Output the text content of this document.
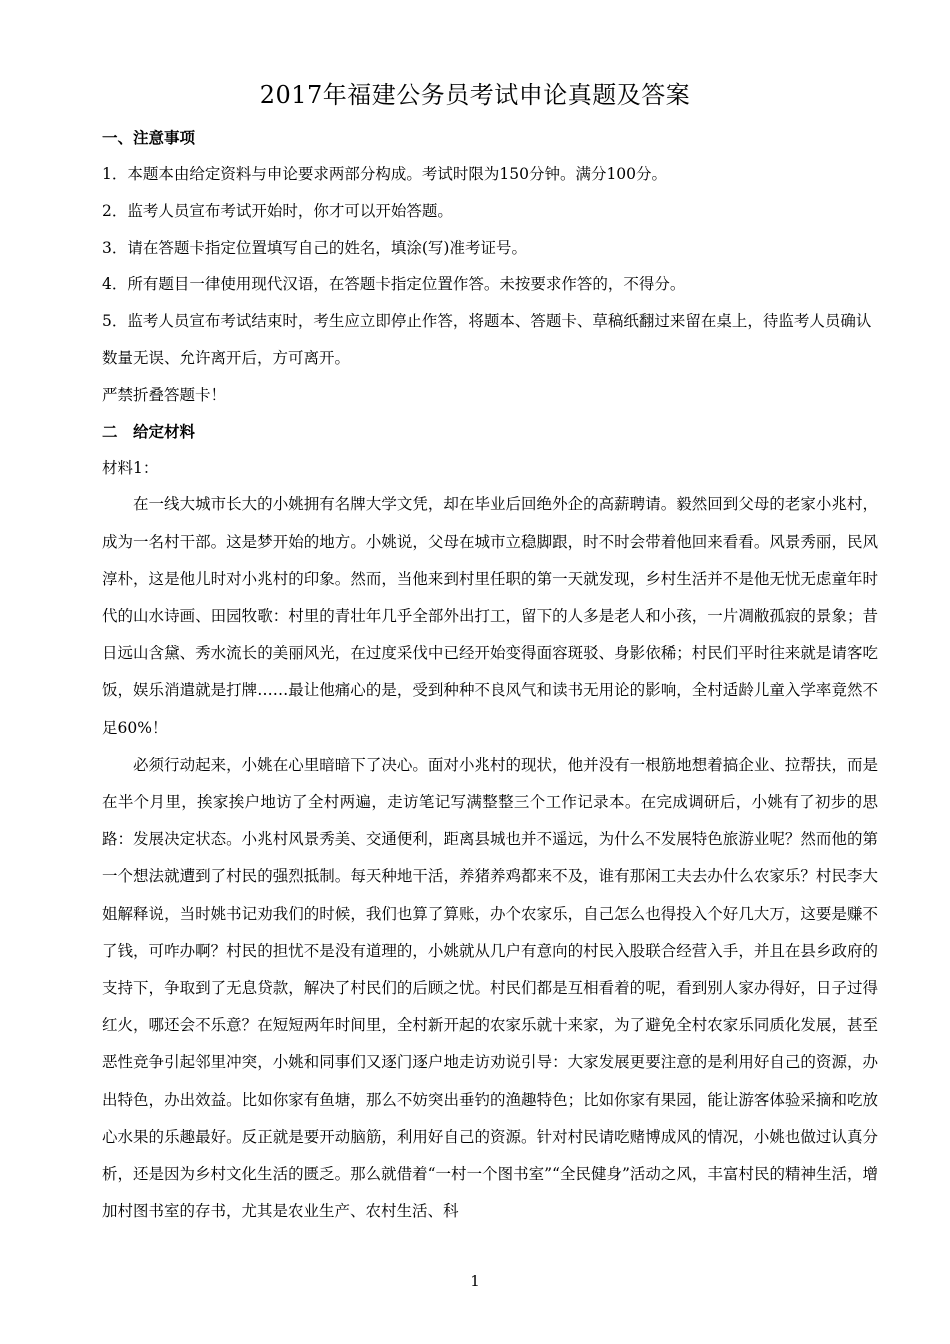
2017年福建公务员考试申论真题及答案

一、注意事项

1．本题本由给定资料与申论要求两部分构成。考试时限为150分钟。满分100分。

2．监考人员宣布考试开始时，你才可以开始答题。

3．请在答题卡指定位置填写自己的姓名，填涂(写)准考证号。

4．所有题目一律使用现代汉语，在答题卡指定位置作答。未按要求作答的，不得分。

5．监考人员宣布考试结束时，考生应立即停止作答，将题本、答题卡、草稿纸翻过来留在桌上，待监考人员确认数量无误、允许离开后，方可离开。

严禁折叠答题卡！

二　给定材料

材料1：

在一线大城市长大的小姚拥有名牌大学文凭，却在毕业后回绝外企的高薪聘请。毅然回到父母的老家小兆村，成为一名村干部。这是梦开始的地方。小姚说，父母在城市立稳脚跟，时不时会带着他回来看看。风景秀丽，民风淳朴，这是他儿时对小兆村的印象。然而，当他来到村里任职的第一天就发现，乡村生活并不是他无忧无虑童年时代的山水诗画、田园牧歌：村里的青壮年几乎全部外出打工，留下的人多是老人和小孩，一片凋敝孤寂的景象；昔日远山含黛、秀水流长的美丽风光，在过度采伐中已经开始变得面容斑驳、身影依稀；村民们平时往来就是请客吃饭，娱乐消遣就是打牌……最让他痛心的是，受到种种不良风气和读书无用论的影响，全村适龄儿童入学率竟然不足60%！

必须行动起来，小姚在心里暗暗下了决心。面对小兆村的现状，他并没有一根筋地想着搞企业、拉帮扶，而是在半个月里，挨家挨户地访了全村两遍，走访笔记写满整整三个工作记录本。在完成调研后，小姚有了初步的思路：发展决定状态。小兆村风景秀美、交通便利，距离县城也并不遥远，为什么不发展特色旅游业呢？然而他的第一个想法就遭到了村民的强烈抵制。每天种地干活，养猪养鸡都来不及，谁有那闲工夫去办什么农家乐？村民李大姐解释说，当时姚书记劝我们的时候，我们也算了算账，办个农家乐，自己怎么也得投入个好几大万，这要是赚不了钱，可咋办啊？村民的担忧不是没有道理的，小姚就从几户有意向的村民入股联合经营入手，并且在县乡政府的支持下，争取到了无息贷款，解决了村民们的后顾之忧。村民们都是互相看着的呢，看到别人家办得好，日子过得红火，哪还会不乐意？在短短两年时间里，全村新开起的农家乐就十来家，为了避免全村农家乐同质化发展，甚至恶性竞争引起邻里冲突，小姚和同事们又逐门逐户地走访劝说引导：大家发展更要注意的是利用好自己的资源，办出特色，办出效益。比如你家有鱼塘，那么不妨突出垂钓的渔趣特色；比如你家有果园，能让游客体验采摘和吃放心水果的乐趣最好。反正就是要开动脑筋，利用好自己的资源。针对村民请吃赌博成风的情况，小姚也做过认真分析，还是因为乡村文化生活的匮乏。那么就借着“一村一个图书室”“全民健身”活动之风，丰富村民的精神生活，增加村图书室的存书，尤其是农业生产、农村生活、科

1
